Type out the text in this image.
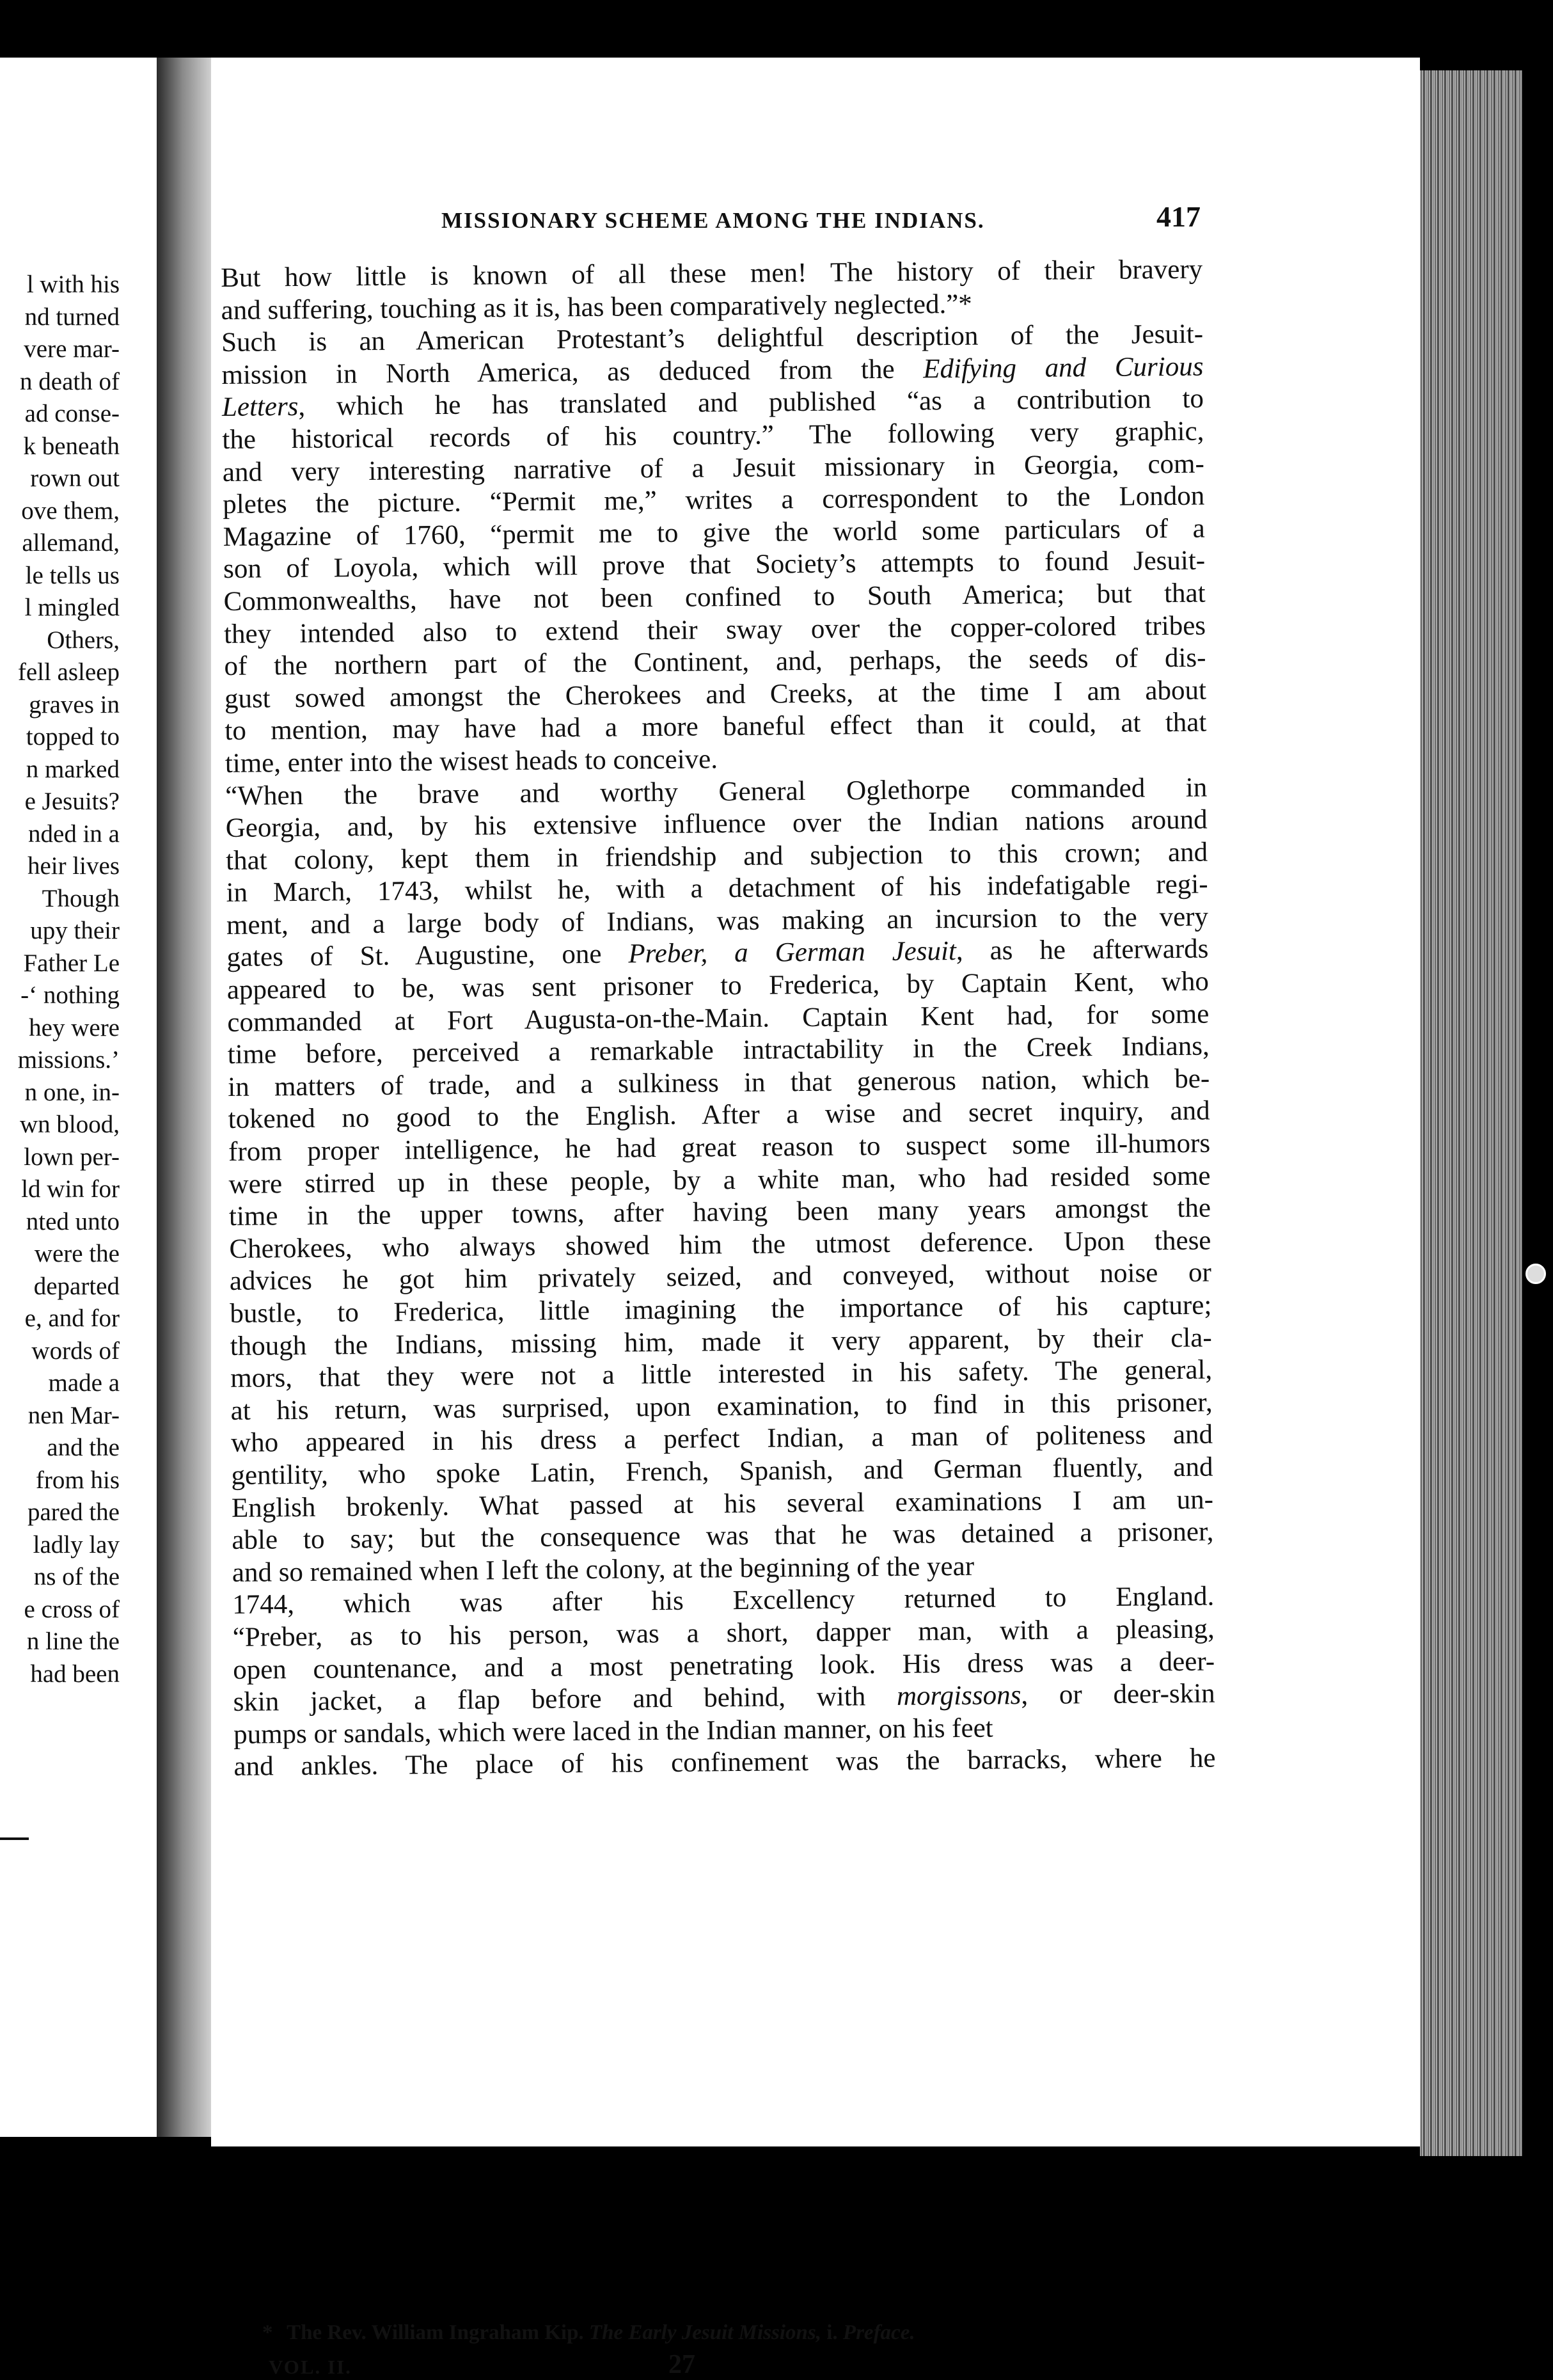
l with his
nd turned
vere mar-
n death of
ad conse-
k beneath
rown out
ove them,
allemand,
le tells us
l mingled
Others,
fell asleep
graves in
topped to
n marked
e Jesuits?
nded in a
heir lives
Though
upy their
Father Le
-‘ nothing
hey were
missions.’
n one, in-
wn blood,
lown per-
ld win for
nted unto
were the
departed
e, and for
words of
made a
nen Mar-
and the
from his
pared the
ladly lay
ns of the
e cross of
n line the
had been
MISSIONARY SCHEME AMONG THE INDIANS.	417
But how little is known of all these men! The history of their bravery
and suffering, touching as it is, has been comparatively neglected.”*
Such is an American Protestant’s delightful description of the Jesuit-
mission in North America, as deduced from the Edifying and Curious
Letters, which he has translated and published “as a contribution to
the historical records of his country.” The following very graphic,
and very interesting narrative of a Jesuit missionary in Georgia, com-
pletes the picture. “Permit me,” writes a correspondent to the London
Magazine of 1760, “permit me to give the world some particulars of a
son of Loyola, which will prove that Society’s attempts to found Jesuit-
Commonwealths, have not been confined to South America; but that
they intended also to extend their sway over the copper-colored tribes
of the northern part of the Continent, and, perhaps, the seeds of dis-
gust sowed amongst the Cherokees and Creeks, at the time I am about
to mention, may have had a more baneful effect than it could, at that
time, enter into the wisest heads to conceive.
“When the brave and worthy General Oglethorpe commanded in
Georgia, and, by his extensive influence over the Indian nations around
that colony, kept them in friendship and subjection to this crown; and
in March, 1743, whilst he, with a detachment of his indefatigable regi-
ment, and a large body of Indians, was making an incursion to the very
gates of St. Augustine, one Preber, a German Jesuit, as he afterwards
appeared to be, was sent prisoner to Frederica, by Captain Kent, who
commanded at Fort Augusta-on-the-Main. Captain Kent had, for some
time before, perceived a remarkable intractability in the Creek Indians,
in matters of trade, and a sulkiness in that generous nation, which be-
tokened no good to the English. After a wise and secret inquiry, and
from proper intelligence, he had great reason to suspect some ill-humors
were stirred up in these people, by a white man, who had resided some
time in the upper towns, after having been many years amongst the
Cherokees, who always showed him the utmost deference. Upon these
advices he got him privately seized, and conveyed, without noise or
bustle, to Frederica, little imagining the importance of his capture;
though the Indians, missing him, made it very apparent, by their cla-
mors, that they were not a little interested in his safety. The general,
at his return, was surprised, upon examination, to find in this prisoner,
who appeared in his dress a perfect Indian, a man of politeness and
gentility, who spoke Latin, French, Spanish, and German fluently, and
English brokenly. What passed at his several examinations I am un-
able to say; but the consequence was that he was detained a prisoner,
and so remained when I left the colony, at the beginning of the year
1744, which was after his Excellency returned to England.
“Preber, as to his person, was a short, dapper man, with a pleasing,
open countenance, and a most penetrating look. His dress was a deer-
skin jacket, a flap before and behind, with morgissons, or deer-skin
pumps or sandals, which were laced in the Indian manner, on his feet
and ankles. The place of his confinement was the barracks, where he
* The Rev. William Ingraham Kip. The Early Jesuit Missions, i. Preface.
VOL. II.	27
